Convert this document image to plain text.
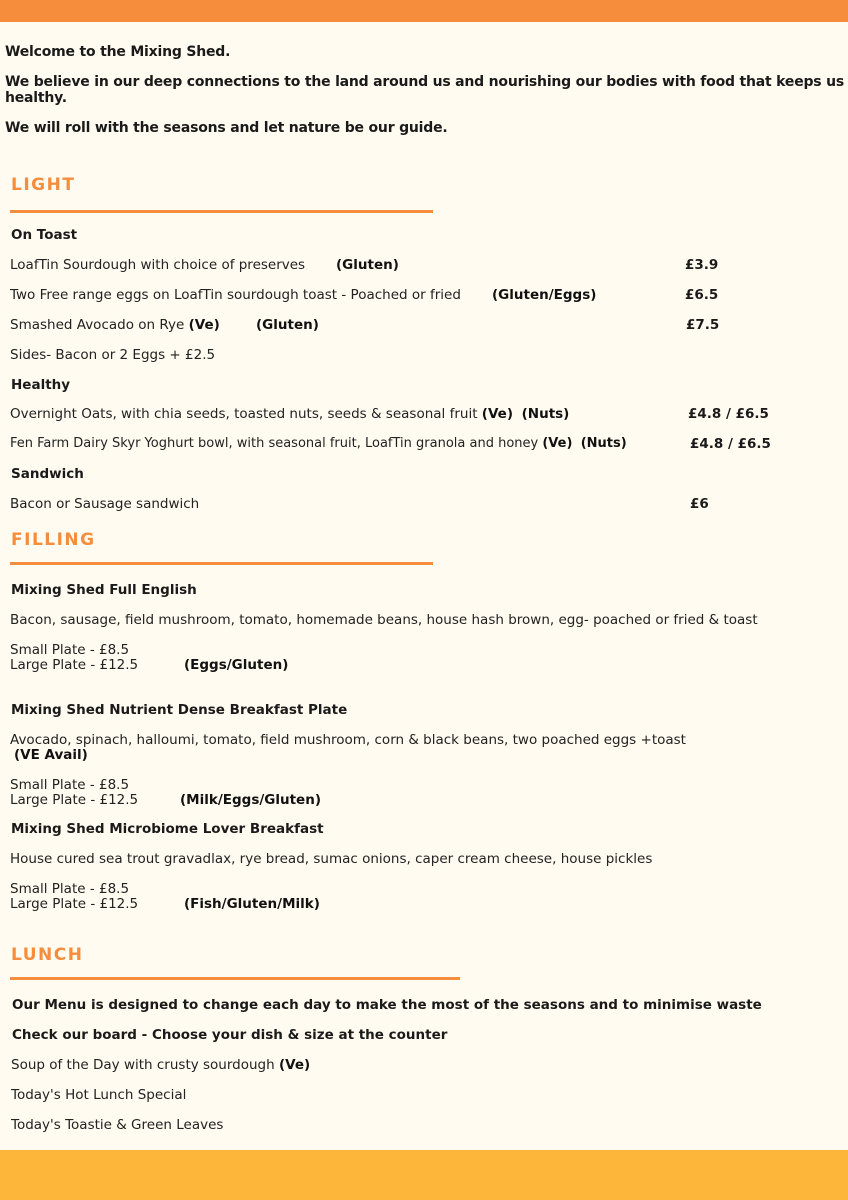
Welcome to the Mixing Shed.
We believe in our deep connections to the land around us and nourishing our bodies with food that keeps us
healthy.
We will roll with the seasons and let nature be our guide.
LIGHT
On Toast
LoafTin Sourdough with choice of preserves (Gluten)	£3.9
Two Free range eggs on LoafTin sourdough toast - Poached or fried (Gluten/Eggs)	£6.5
Smashed Avocado on Rye (Ve)	(Gluten)	£7.5
Sides- Bacon or 2 Eggs + £2.5
Healthy
Overnight Oats, with chia seeds, toasted nuts, seeds & seasonal fruit (Ve) (Nuts)	£4.8 / £6.5
Fen Farm Dairy Skyr Yoghurt bowl, with seasonal fruit, LoafTin granola and honey (Ve) (Nuts)	£4.8 / £6.5
Sandwich
Bacon or Sausage sandwich	£6
FILLING
Mixing Shed Full English
Bacon, sausage, field mushroom, tomato, homemade beans, house hash brown, egg- poached or fried & toast
Small Plate - £8.5
Large Plate - £12.5	(Eggs/Gluten)
Mixing Shed Nutrient Dense Breakfast Plate
Avocado, spinach, halloumi, tomato, field mushroom, corn & black beans, two poached eggs +toast
(VE Avail)
Small Plate - £8.5
Large Plate - £12.5	(Milk/Eggs/Gluten)
Mixing Shed Microbiome Lover Breakfast
House cured sea trout gravadlax, rye bread, sumac onions, caper cream cheese, house pickles
Small Plate - £8.5
Large Plate - £12.5	(Fish/Gluten/Milk)
LUNCH
Our Menu is designed to change each day to make the most of the seasons and to minimise waste
Check our board - Choose your dish & size at the counter
Soup of the Day with crusty sourdough (Ve)
Today's Hot Lunch Special
Today's Toastie & Green Leaves
